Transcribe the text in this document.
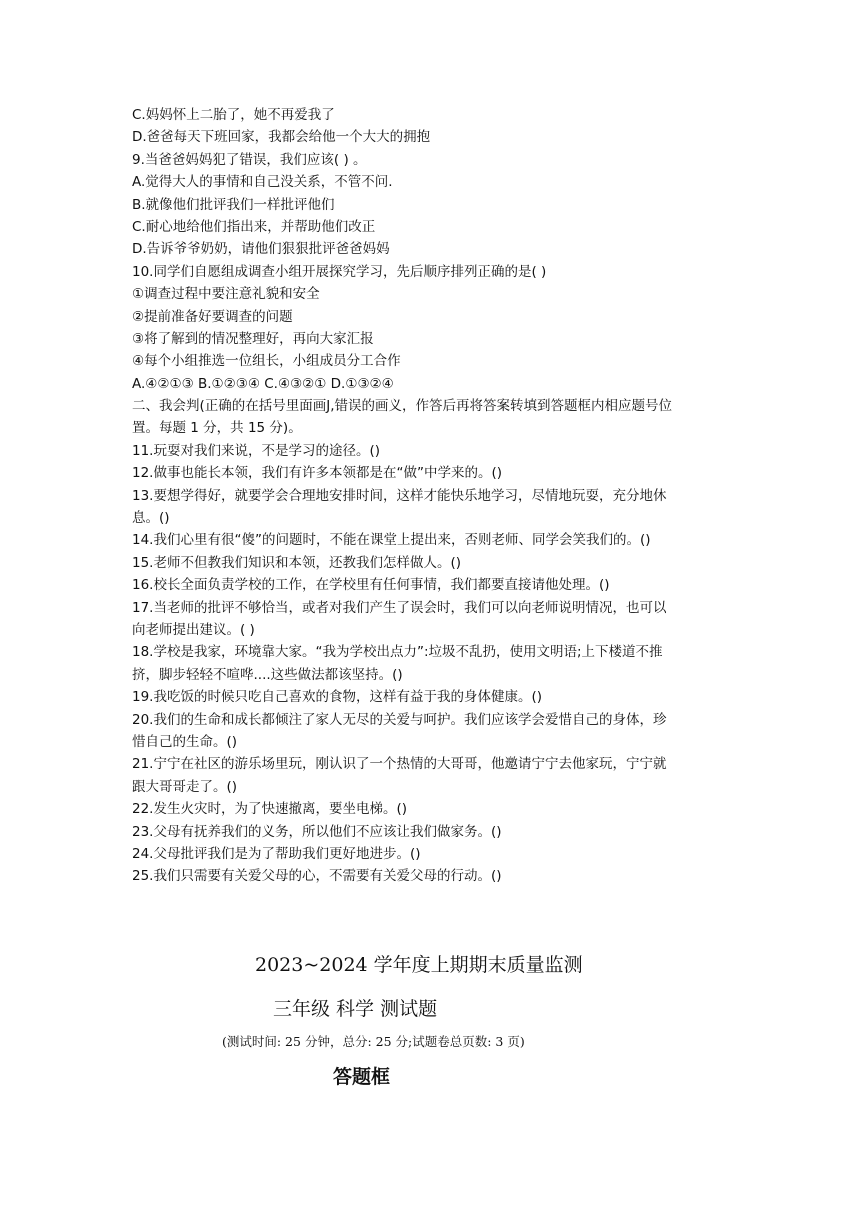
C.妈妈怀上二胎了，她不再爱我了
D.爸爸每天下班回家，我都会给他一个大大的拥抱
9.当爸爸妈妈犯了错误，我们应该( ) 。
A.觉得大人的事情和自己没关系，不管不问.
B.就像他们批评我们一样批评他们
C.耐心地给他们指出来，并帮助他们改正
D.告诉爷爷奶奶，请他们狠狠批评爸爸妈妈
10.同学们自愿组成调查小组开展探究学习，先后顺序排列正确的是( )
①调查过程中要注意礼貌和安全
②提前准备好要调查的问题
③将了解到的情况整理好，再向大家汇报
④每个小组推选一位组长，小组成员分工合作
A.④②①③ B.①②③④ C.④③②① D.①③②④
二、我会判(正确的在括号里面画J,错误的画义，作答后再将答案转填到答题框内相应题号位
置。每题 1 分，共 15 分)。
11.玩耍对我们来说，不是学习的途径。()
12.做事也能长本领，我们有许多本领都是在“做”中学来的。()
13.要想学得好，就要学会合理地安排时间，这样才能快乐地学习，尽情地玩耍，充分地休
息。()
14.我们心里有很“傻”的问题时，不能在课堂上提出来，否则老师、同学会笑我们的。()
15.老师不但教我们知识和本领，还教我们怎样做人。()
16.校长全面负责学校的工作，在学校里有任何事情，我们都要直接请他处理。()
17.当老师的批评不够恰当，或者对我们产生了误会时，我们可以向老师说明情况，也可以
向老师提出建议。( )
18.学校是我家，环境靠大家。“我为学校出点力”:垃圾不乱扔，使用文明语;上下楼道不推
挤，脚步轻轻不喧哗....这些做法都该坚持。()
19.我吃饭的时候只吃自己喜欢的食物，这样有益于我的身体健康。()
20.我们的生命和成长都倾注了家人无尽的关爱与呵护。我们应该学会爱惜自己的身体，珍
惜自己的生命。()
21.宁宁在社区的游乐场里玩，刚认识了一个热情的大哥哥，他邀请宁宁去他家玩，宁宁就
跟大哥哥走了。()
22.发生火灾时，为了快速撤离，要坐电梯。()
23.父母有抚养我们的义务，所以他们不应该让我们做家务。()
24.父母批评我们是为了帮助我们更好地进步。()
25.我们只需要有关爱父母的心，不需要有关爱父母的行动。()
2023~2024 学年度上期期末质量监测
三年级 科学 测试题
(测试时间: 25 分钟，总分: 25 分;试题卷总页数: 3 页)
答题框
